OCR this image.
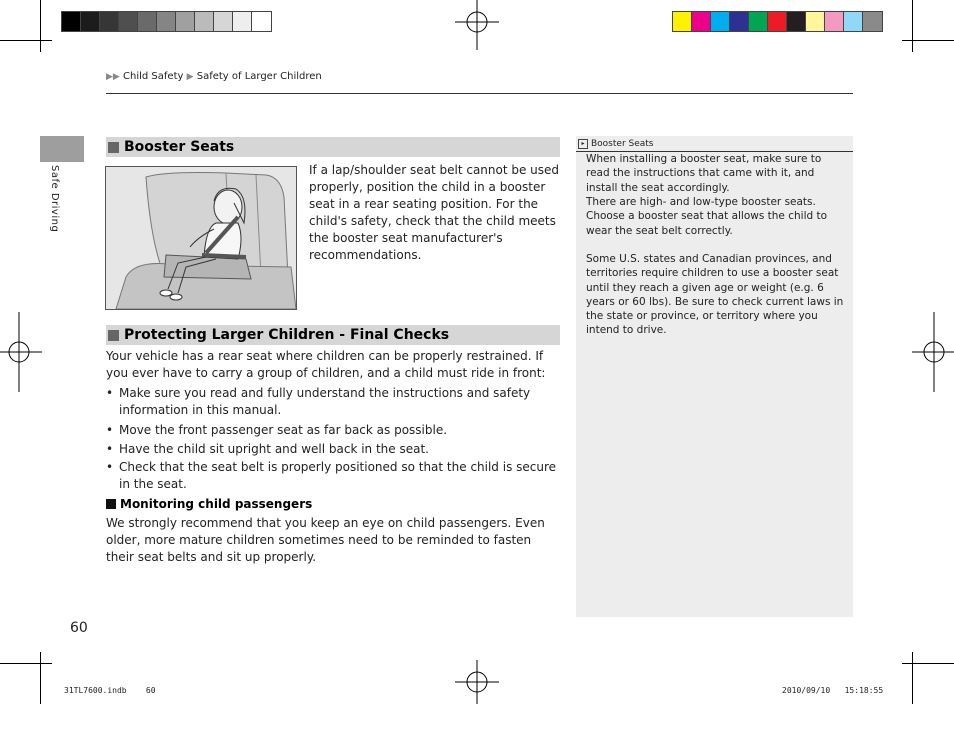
▶▶ Child Safety ▶ Safety of Larger Children
Safe Driving
Booster Seats
If a lap/shoulder seat belt cannot be used properly, position the child in a booster seat in a rear seating position. For the child's safety, check that the child meets the booster seat manufacturer's recommendations.
Protecting Larger Children - Final Checks
Your vehicle has a rear seat where children can be properly restrained. If you ever have to carry a group of children, and a child must ride in front:
• Make sure you read and fully understand the instructions and safety information in this manual.
• Move the front passenger seat as far back as possible.
• Have the child sit upright and well back in the seat.
• Check that the seat belt is properly positioned so that the child is secure in the seat.
Monitoring child passengers
We strongly recommend that you keep an eye on child passengers. Even older, more mature children sometimes need to be reminded to fasten their seat belts and sit up properly.
▸ Booster Seats
When installing a booster seat, make sure to read the instructions that came with it, and install the seat accordingly.
There are high- and low-type booster seats. Choose a booster seat that allows the child to wear the seat belt correctly.
Some U.S. states and Canadian provinces, and territories require children to use a booster seat until they reach a given age or weight (e.g. 6 years or 60 lbs). Be sure to check current laws in the state or province, or territory where you intend to drive.
60
31TL7600.indb    60	2010/09/10   15:18:55
